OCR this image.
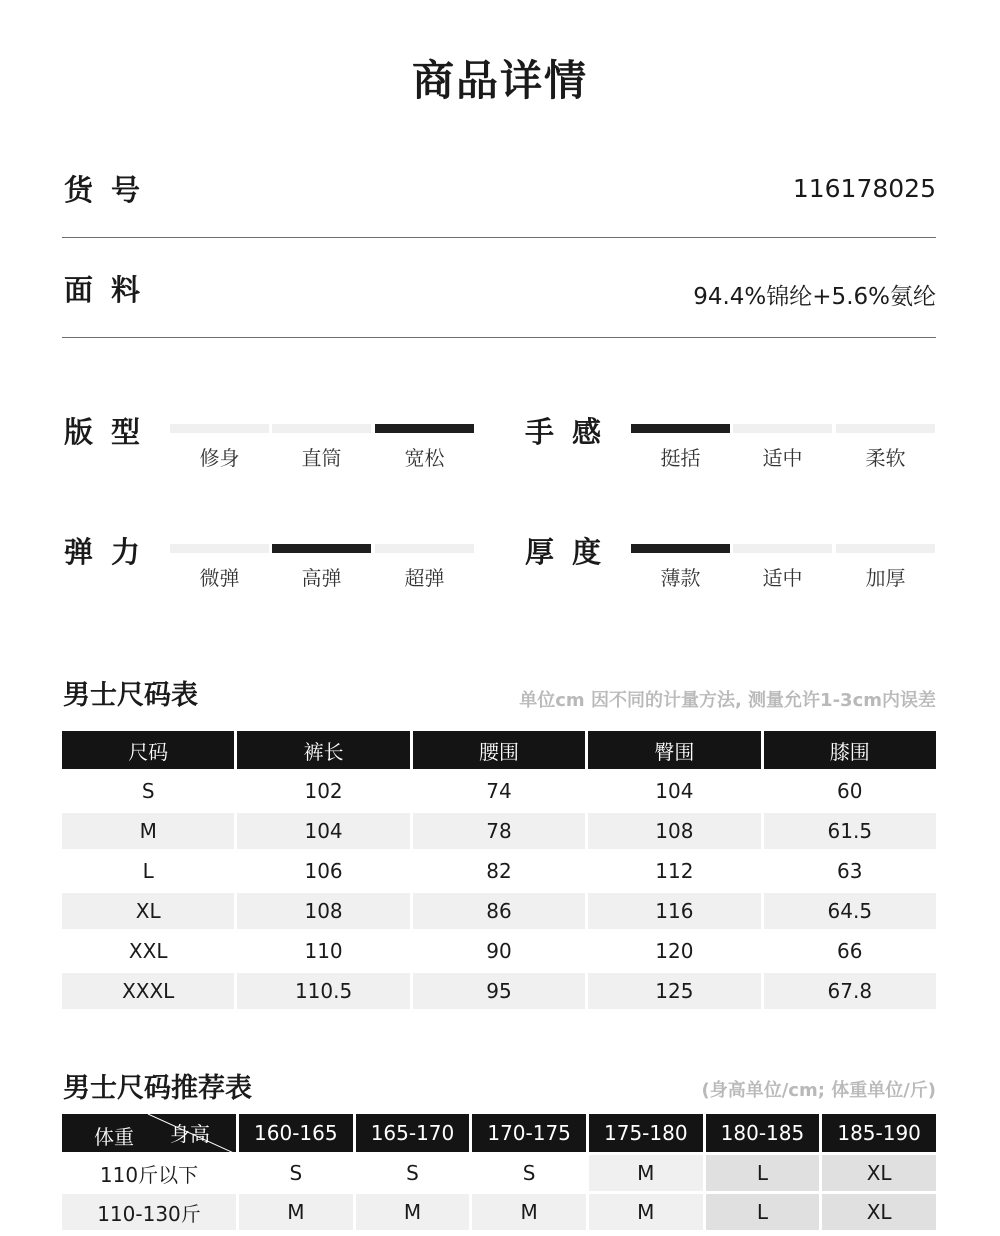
商品详情
货号	116178025
面料	94.4%锦纶+5.6%氨纶
版型
修身	直筒	宽松
手感
挺括	适中	柔软
弹力
微弹	高弹	超弹
厚度
薄款	适中	加厚
男士尺码表	单位cm 因不同的计量方法, 测量允许1-3cm内误差
尺码	裤长	腰围	臀围	膝围
S	102	74	104	60
M	104	78	108	61.5
L	106	82	112	63
XL	108	86	116	64.5
XXL	110	90	120	66
XXXL	110.5	95	125	67.8
男士尺码推荐表	(身高单位/cm; 体重单位/斤)
身高
体重	160-165	165-170	170-175	175-180	180-185	185-190
110斤以下	S	S	S	M	L	XL
110-130斤	M	M	M	M	L	XL
